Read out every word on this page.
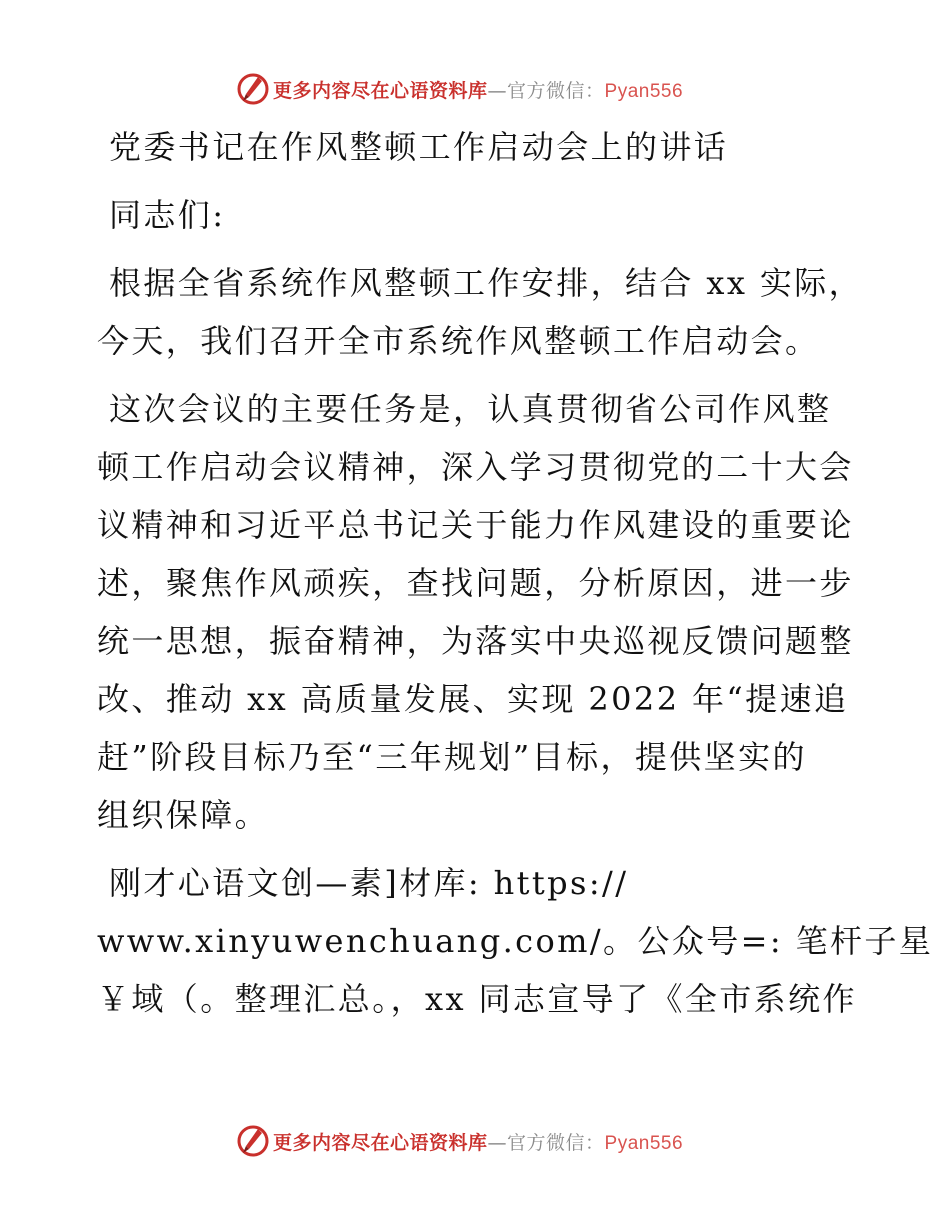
更多内容尽在心语资料库—官方微信：Pyan556
党委书记在作风整顿工作启动会上的讲话
同志们:
根据全省系统作风整顿工作安排，结合 xx 实际，
今天，我们召开全市系统作风整顿工作启动会。
这次会议的主要任务是，认真贯彻省公司作风整
顿工作启动会议精神，深入学习贯彻党的二十大会
议精神和习近平总书记关于能力作风建设的重要论
述，聚焦作风顽疾，查找问题，分析原因，进一步
统一思想，振奋精神，为落实中央巡视反馈问题整
改、推动 xx 高质量发展、实现 2022 年“提速追
赶”阶段目标乃至“三年规划”目标，提供坚实的
组织保障。
刚才心语文创—素]材库: https://
www.xinyuwenchuang.com/。公众号=: 笔杆子星
￥域（。整理汇总。，xx 同志宣导了《全市系统作
更多内容尽在心语资料库—官方微信：Pyan556
